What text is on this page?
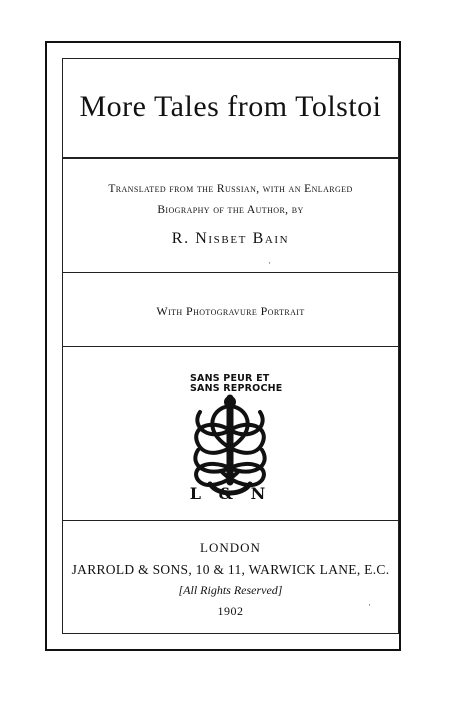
More Tales from Tolstoi
Translated from the Russian, with an Enlarged
Biography of the Author, by
R. Nisbet Bain
With Photogravure Portrait
SANS PEUR ET
SANS REPROCHE
L & N
LONDON
JARROLD & SONS, 10 & 11, WARWICK LANE, E.C.
[All Rights Reserved]
1902
·
·
